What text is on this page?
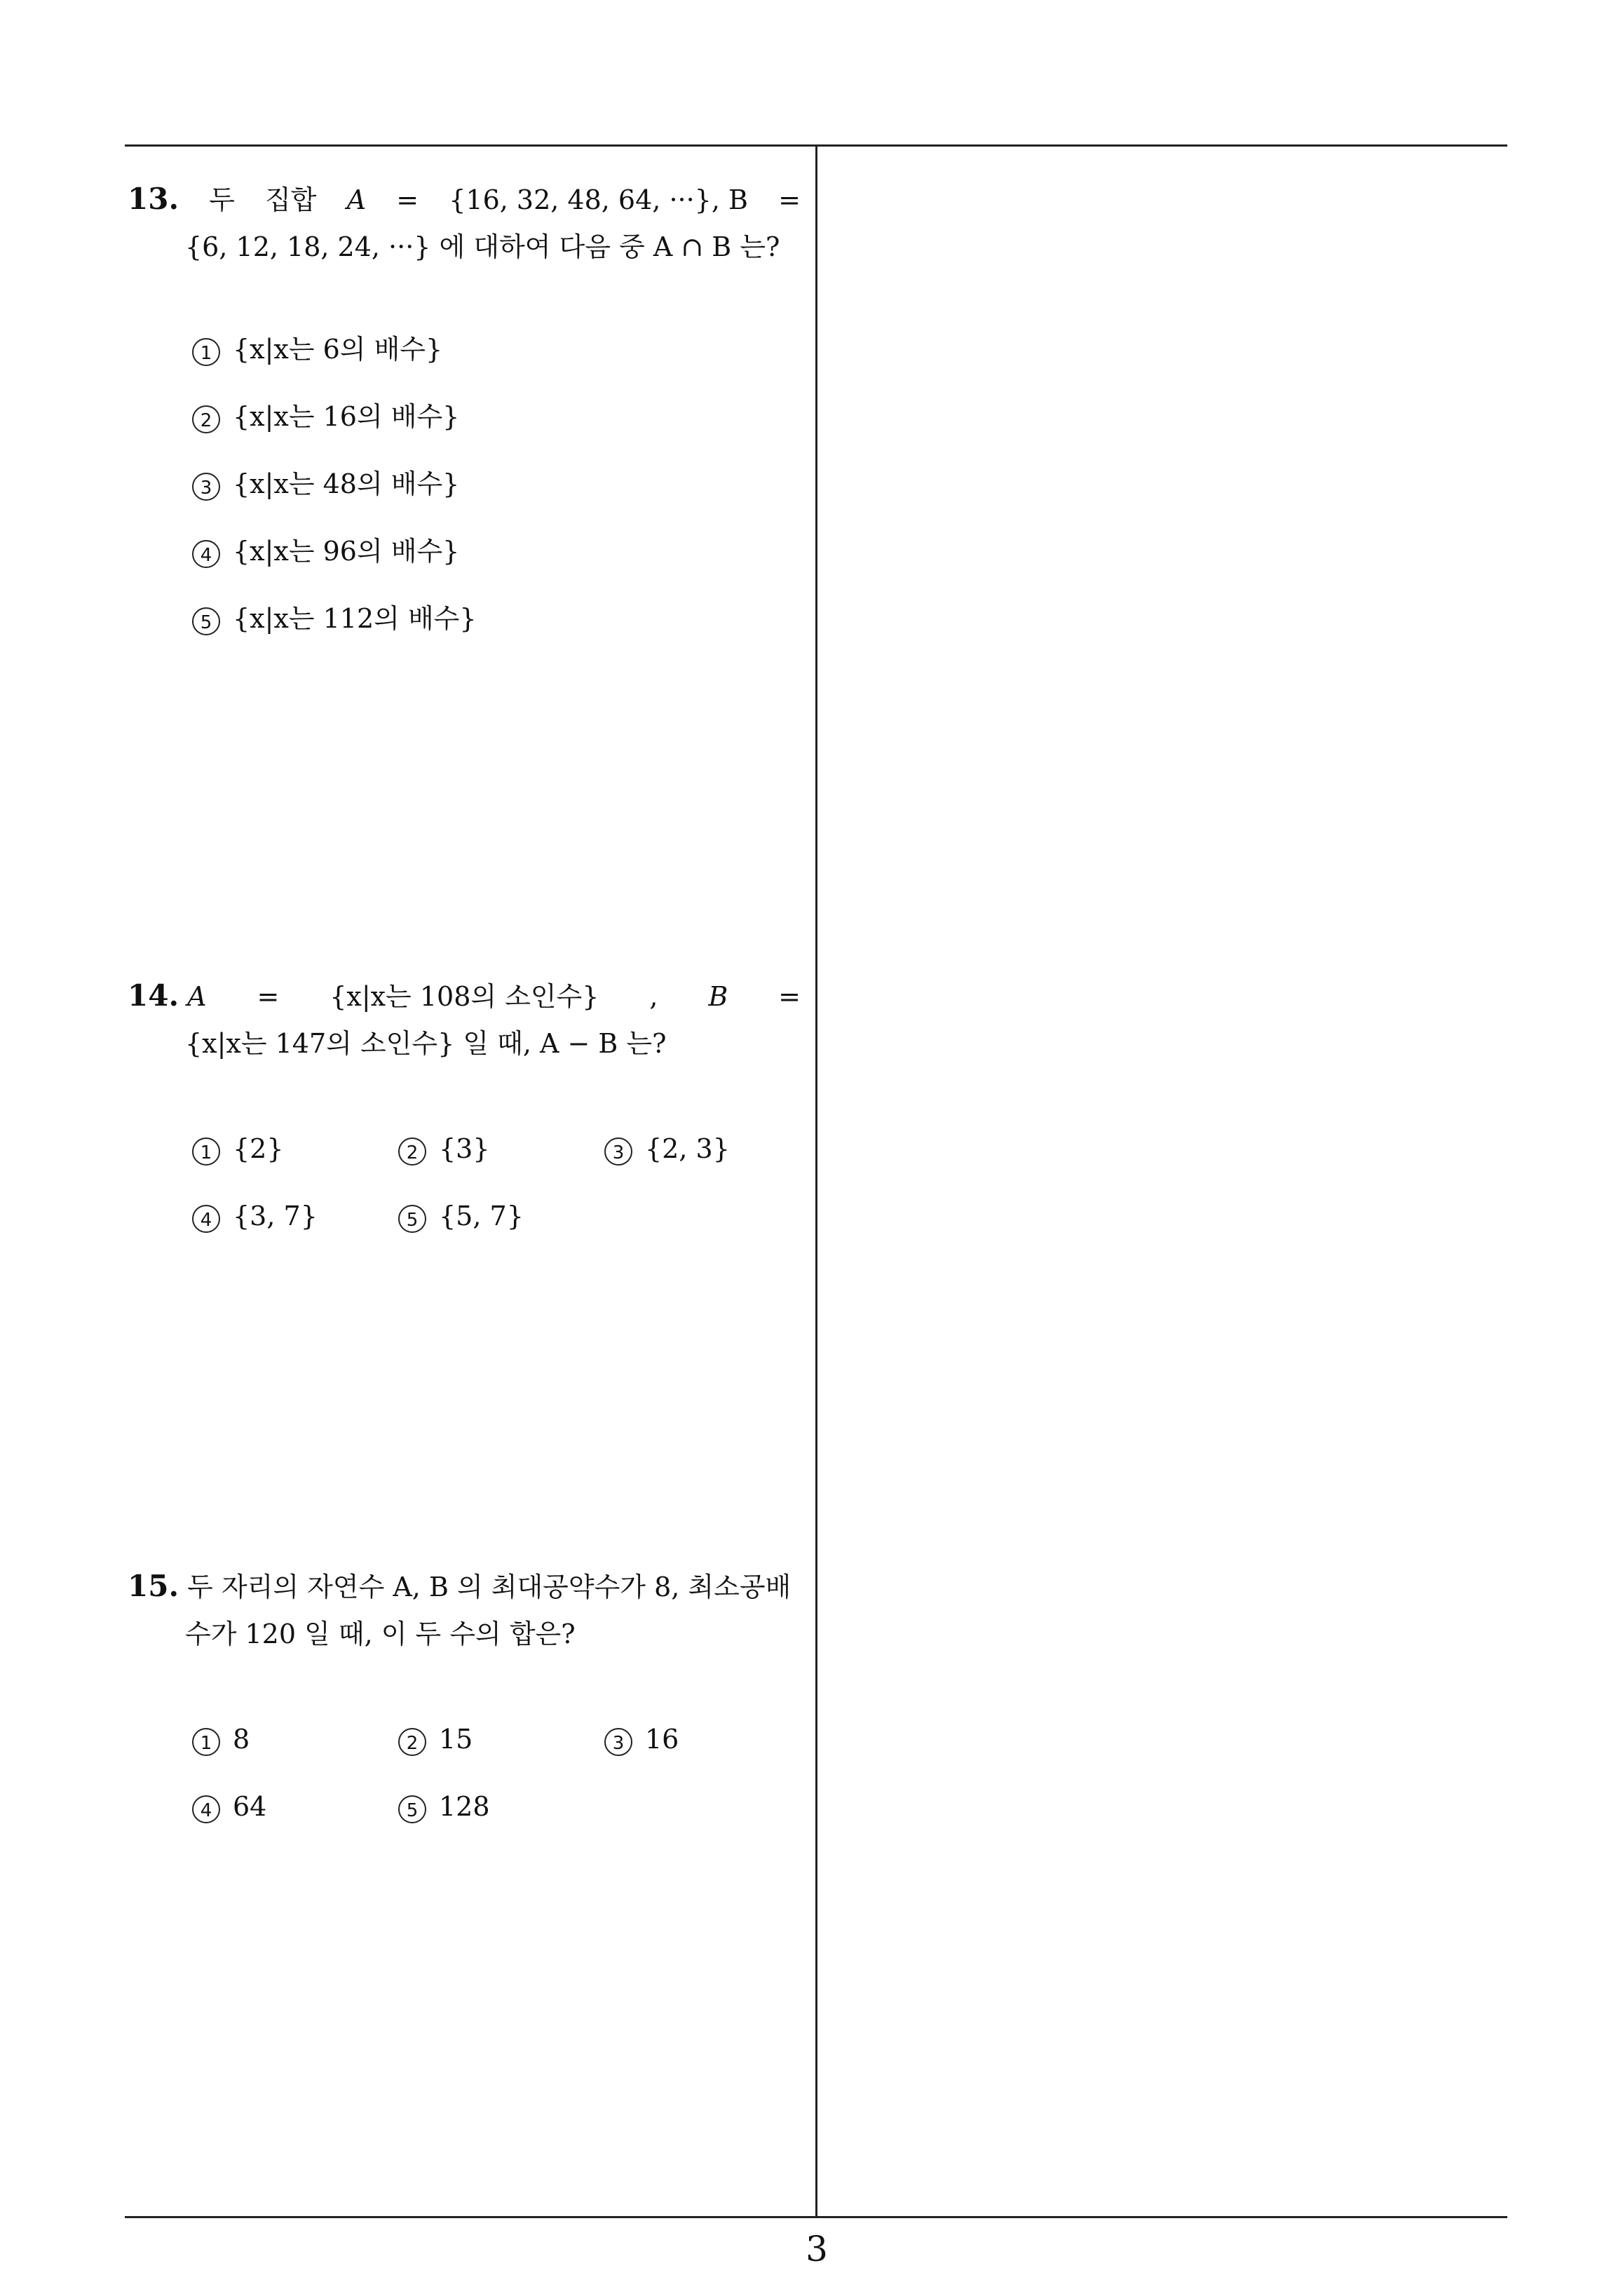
13. 두 집합 A = {16, 32, 48, 64, ···}, B =
{6, 12, 18, 24, ···} 에 대하여 다음 중 A ∩ B 는?
1 {x|x는 6의 배수}
2 {x|x는 16의 배수}
3 {x|x는 48의 배수}
4 {x|x는 96의 배수}
5 {x|x는 112의 배수}
14. A = {x|x는 108의 소인수} , B =
{x|x는 147의 소인수} 일 때, A − B 는?
1 {2}	2 {3}	3 {2, 3}
4 {3, 7}	5 {5, 7}
15. 두 자리의 자연수 A, B 의 최대공약수가 8, 최소공배
수가 120 일 때, 이 두 수의 합은?
1 8	2 15	3 16
4 64	5 128
3
